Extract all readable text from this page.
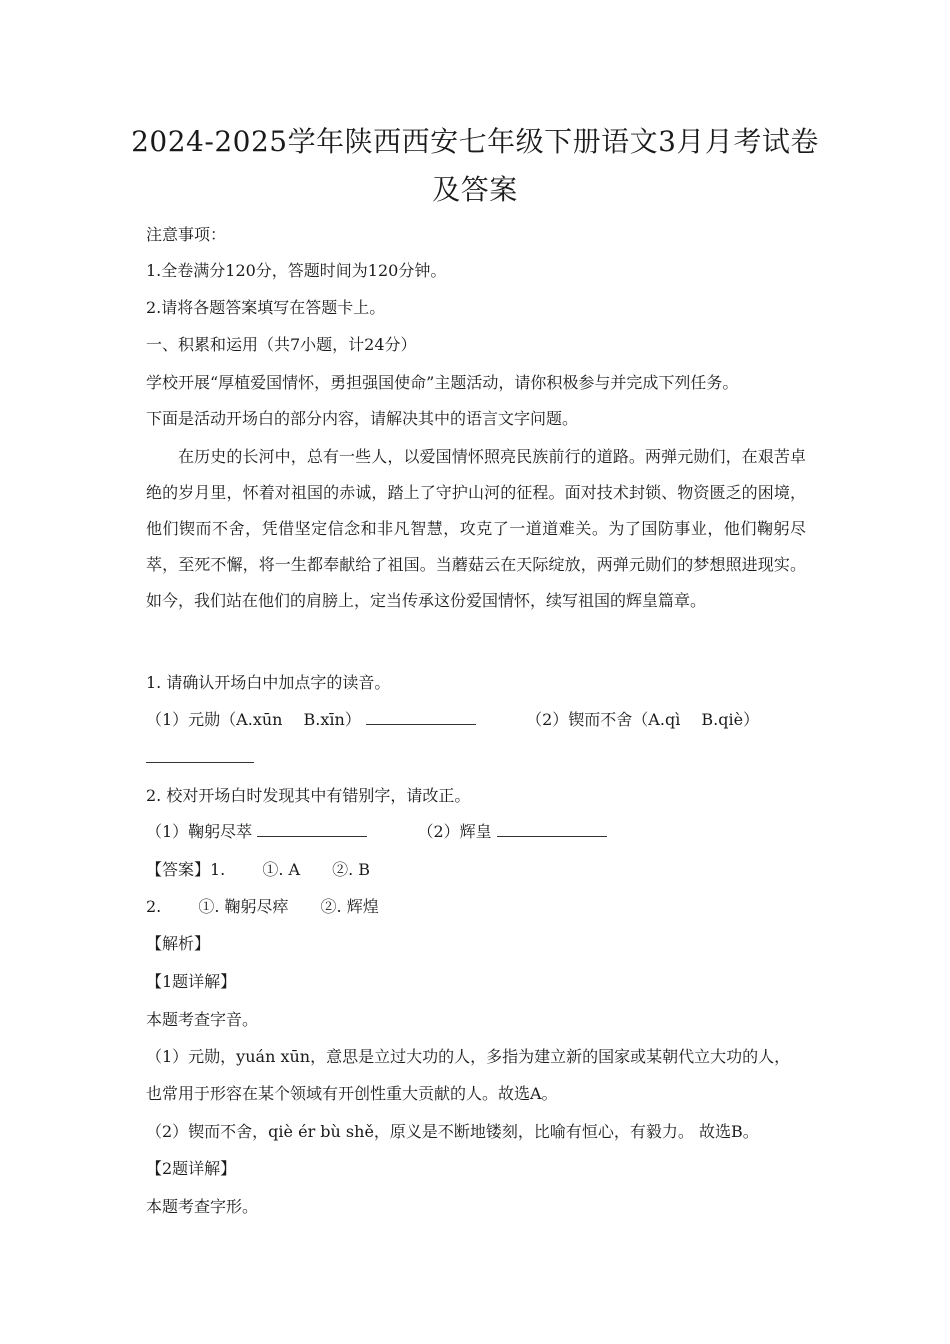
2024-2025学年陕西西安七年级下册语文3月月考试卷及答案
注意事项：
1.全卷满分120分，答题时间为120分钟。
2.请将各题答案填写在答题卡上。
一、积累和运用（共7小题，计24分）
学校开展“厚植爱国情怀，勇担强国使命”主题活动，请你积极参与并完成下列任务。
下面是活动开场白的部分内容，请解决其中的语言文字问题。
在历史的长河中，总有一些人，以爱国情怀照亮民族前行的道路。两弹元勋们，在艰苦卓绝的岁月里，怀着对祖国的赤诚，踏上了守护山河的征程。面对技术封锁、物资匮乏的困境，他们锲而不舍，凭借坚定信念和非凡智慧，攻克了一道道难关。为了国防事业，他们鞠躬尽萃，至死不懈，将一生都奉献给了祖国。当蘑菇云在天际绽放，两弹元勋们的梦想照进现实。如今，我们站在他们的肩膀上，定当传承这份爱国情怀，续写祖国的辉皇篇章。
1. 请确认开场白中加点字的读音。
（1）元勋（A.xūn　 B.xīn）	（2）锲而不舍（A.qì　 B.qiè）
2. 校对开场白时发现其中有错别字，请改正。
（1）鞠躬尽萃	（2）辉皇
【答案】1.　　 ①. A　　②. B
2.　　 ①. 鞠躬尽瘁　　②. 辉煌
【解析】
【1题详解】
本题考查字音。
（1）元勋，yuán xūn，意思是立过大功的人，多指为建立新的国家或某朝代立大功的人，
也常用于形容在某个领域有开创性重大贡献的人。故选A。
（2）锲而不舍，qiè ér bù shě，原义是不断地镂刻，比喻有恒心，有毅力。 故选B。
【2题详解】
本题考查字形。
